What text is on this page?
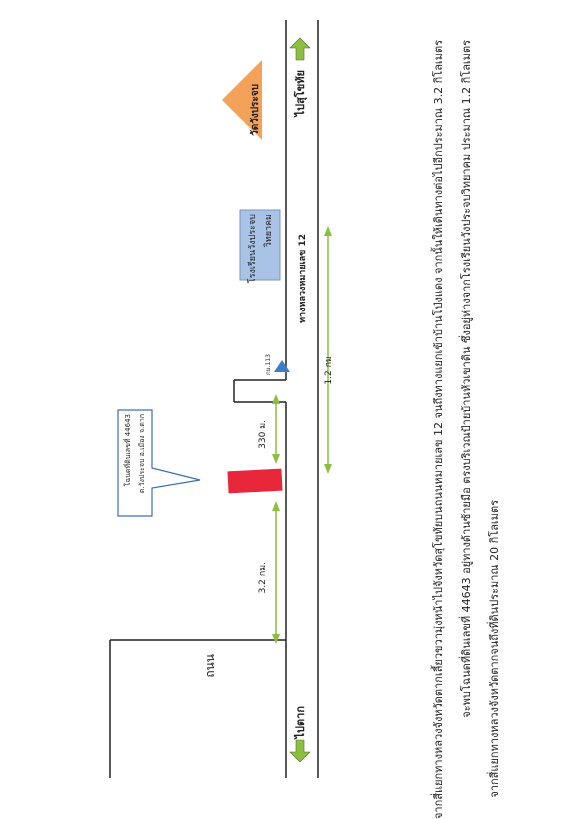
ไปสุโขทัย
ไปตาก
วัดวังประจบ
โรงเรียนวังประจบ วิทยาคม
ทางหลวงหมายเลข 12
กม.113	1.2 กม
3.2 กม.
330 ม.
ถนน
โฉนดที่ดินเลขที่ 44643 ต.วังประจบ อ.เมือง จ.ตาก	จากสี่แยกทางหลวงจังหวัดตากเลี้ยวขวามุ่งหน้าไปจังหวัดสุโขทัยบนถนนหมายเลข 12 จนถึงทางแยกเข้าบ้านโป่งแดง จากนั้นให้เดินทางต่อไปอีกประมาณ 3.2 กิโลเมตร จะพบโฉนดที่ดินเลขที่ 44643 อยู่ทางด้านซ้ายมือ ตรงบริเวณป้ายบ้านหัวเขาดิน ซึ่งอยู่ห่างจากโรงเรียนวังประจบวิทยาคม ประมาณ 1.2 กิโลเมตร จากสี่แยกทางหลวงจังหวัดตากจนถึงที่ดินประมาณ 20 กิโลเมตร
